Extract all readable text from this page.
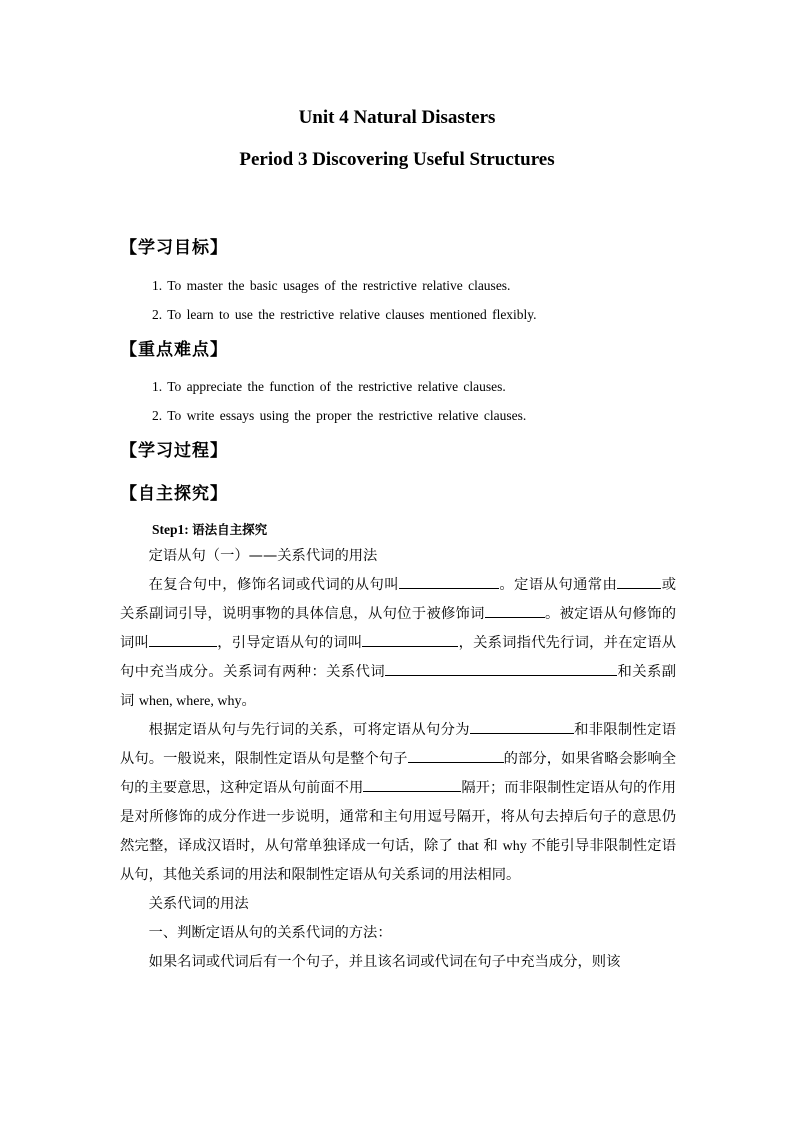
Unit 4 Natural Disasters
Period 3 Discovering Useful Structures
【学习目标】
1. To master the basic usages of the restrictive relative clauses.
2. To learn to use the restrictive relative clauses mentioned flexibly.
【重点难点】
1. To appreciate the function of the restrictive relative clauses.
2. To write essays using the proper the restrictive relative clauses.
【学习过程】
【自主探究】
Step1: 语法自主探究

定语从句（一）——关系代词的用法

在复合句中，修饰名词或代词的从句叫	。定语从句通常由	或关系副词引导，说明事物的具体信息，从句位于被修饰词	。被定语从句修饰的词叫	，引导定语从句的词叫	，关系词指代先行词，并在定语从句中充当成分。关系词有两种：关系代词	和关系副词 when, where, why。

根据定语从句与先行词的关系，可将定语从句分为	和非限制性定语从句。一般说来，限制性定语从句是整个句子	的部分，如果省略会影响全句的主要意思，这种定语从句前面不用	隔开；而非限制性定语从句的作用是对所修饰的成分作进一步说明，通常和主句用逗号隔开，将从句去掉后句子的意思仍然完整，译成汉语时，从句常单独译成一句话，除了 that 和 why 不能引导非限制性定语从句，其他关系词的用法和限制性定语从句关系词的用法相同。

关系代词的用法

一、判断定语从句的关系代词的方法：

如果名词或代词后有一个句子，并且该名词或代词在句子中充当成分，则该
